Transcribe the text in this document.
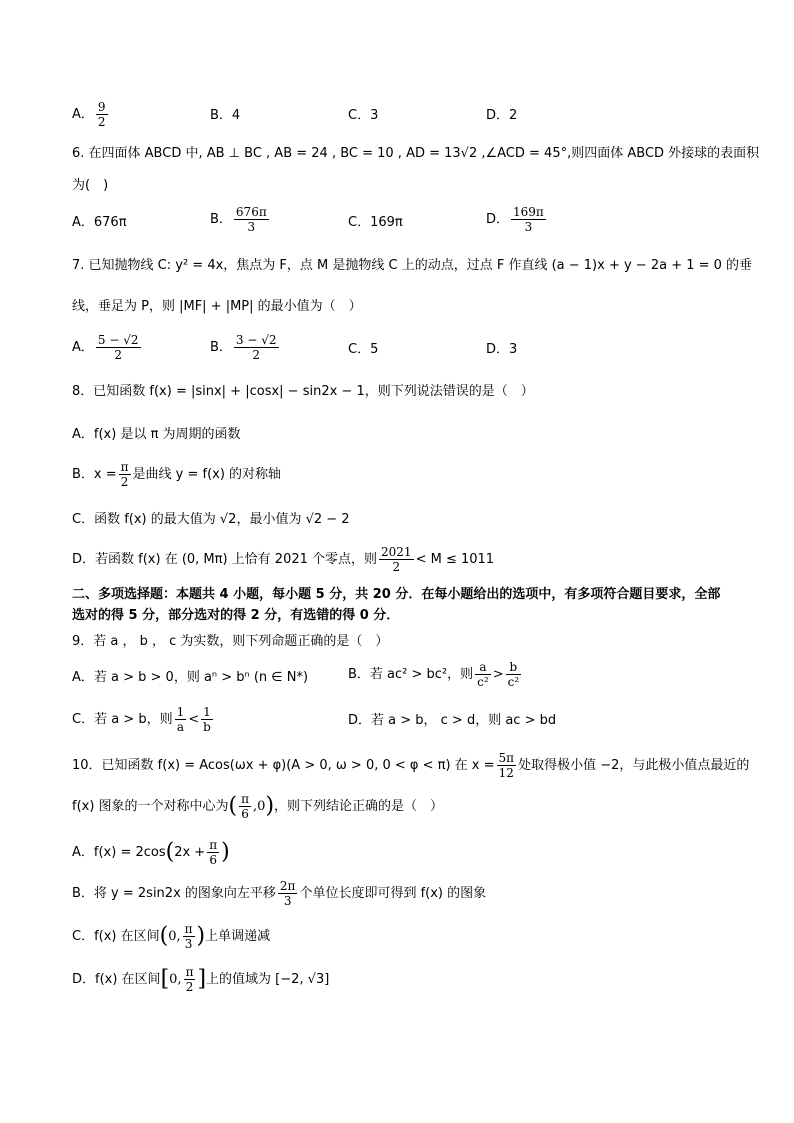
A． $\frac{9}{2}$	B．4	C．3	D．2
6. 在四面体 ABCD 中, AB ⊥ BC , AB = 24 , BC = 10 , AD = 13√2 ,∠ACD = 45°,则四面体 ABCD 外接球的表面积
为(　)
A．676π	B． $\frac{676\pi}{3}$	C．169π	D． $\frac{169\pi}{3}$
7. 已知抛物线 C: y² = 4x，焦点为 F，点 M 是抛物线 C 上的动点，过点 F 作直线 (a − 1)x + y − 2a + 1 = 0 的垂
线，垂足为 P，则 |MF| + |MP| 的最小值为（　）
A． $\frac{5 - √2}{2}$	B． $\frac{3 - √2}{2}$	C．5	D．3
8．已知函数 f(x) = |sinx| + |cosx| − sin2x − 1，则下列说法错误的是（　）
A．f(x) 是以 π 为周期的函数
B．$x = \frac{\pi}{2}$ 是曲线 y = f(x) 的对称轴
C．函数 f(x) 的最大值为 √2，最小值为 √2 − 2
D．若函数 f(x) 在 (0, Mπ) 上恰有 2021 个零点，则 $\frac{2021}{2} < M \le 1011$
二、多项选择题：本题共 4 小题，每小题 5 分，共 20 分．在每小题给出的选项中，有多项符合题目要求，全部选对的得 5 分，部分选对的得 2 分，有选错的得 0 分．
9．若 a ， b ， c 为实数，则下列命题正确的是（　）
A．若 a > b > 0，则 aⁿ > bⁿ (n ∈ N*)	B．若 ac² > bc²，则 $\frac{a}{\text{c²}} > \frac{b}{\text{c²}}$
C．若 a > b，则 $\frac{1}{a} < \frac{1}{b}$	D．若 a > b， c > d，则 ac > bd
10．已知函数 f(x) = Acos(ωx + φ)(A > 0, ω > 0, 0 < φ < π) 在 $x = \frac{5\pi}{12}$ 处取得极小值 −2，与此极小值点最近的
f(x) 图象的一个对称中心为( $\frac{\pi}{6} ,0$)，则下列结论正确的是（　）
A．$f(x) = 2\cos(2x + \frac{\pi}{6}$ )
B．将 y = 2sin2x 的图象向左平移 $\frac{2\pi}{3}$ 个单位长度即可得到 f(x) 的图象
C．f(x) 在区间(0, $\frac{\pi}{3}$ )上单调递减
D．f(x) 在区间[0, $\frac{\pi}{2}$ ]上的值域为 [−2, √3]
